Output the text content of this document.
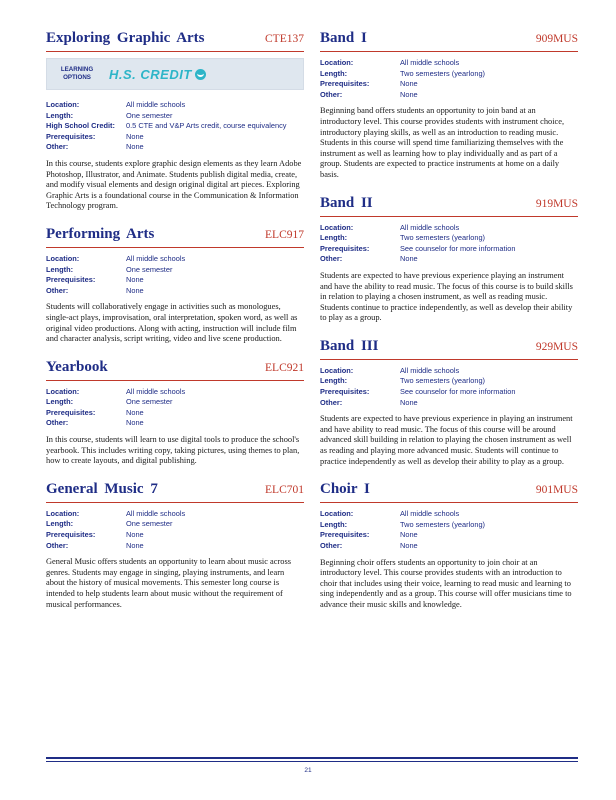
Exploring Graphic Arts	CTE137
LEARNING OPTIONS	H.S. CREDIT
Location:	All middle schools
Length:	One semester
High School Credit:	0.5 CTE and V&P Arts credit, course equivalency
Prerequisites:	None
Other:	None
In this course, students explore graphic design elements as they learn Adobe Photoshop, Illustrator, and Animate. Students publish digital media, create, and modify visual elements and design original digital art pieces. Exploring Graphic Arts is a foundational course in the Communication & Information Technology program.
Performing Arts	ELC917
Location:	All middle schools
Length:	One semester
Prerequisites:	None
Other:	None
Students will collaboratively engage in activities such as monologues, single-act plays, improvisation, oral interpretation, spoken word, as well as original video productions. Along with acting, instruction will include film and character analysis, script writing, video and live scene production.
Yearbook	ELC921
Location:	All middle schools
Length:	One semester
Prerequisites:	None
Other:	None
In this course, students will learn to use digital tools to produce the school's yearbook. This includes writing copy, taking pictures, using themes to plan, how to create layouts, and digital publishing.
General Music 7	ELC701
Location:	All middle schools
Length:	One semester
Prerequisites:	None
Other:	None
General Music offers students an opportunity to learn about music across genres. Students may engage in singing, playing instruments, and learn about the history of musical movements. This semester long course is intended to help students learn about music without the requirement of musical performances.
Band I	909MUS
Location:	All middle schools
Length:	Two semesters (yearlong)
Prerequisites:	None
Other:	None
Beginning band offers students an opportunity to join band at an introductory level. This course provides students with instrument choice, introductory playing skills, as well as an introduction to reading music. Students in this course will spend time familiarizing themselves with the instrument as well as learning how to play individually and as part of a group. Students are expected to practice instruments at home on a daily basis.
Band II	919MUS
Location:	All middle schools
Length:	Two semesters (yearlong)
Prerequisites:	See counselor for more information
Other:	None
Students are expected to have previous experience playing an instrument and have the ability to read music. The focus of this course is to build skills in relation to playing a chosen instrument, as well as reading music. Students continue to practice independently, as well as develop their ability to play as a group.
Band III	929MUS
Location:	All middle schools
Length:	Two semesters (yearlong)
Prerequisites:	See counselor for more information
Other:	None
Students are expected to have previous experience in playing an instrument and have ability to read music. The focus of this course will be around advanced skill building in relation to playing the chosen instrument as well as reading and playing more advanced music. Students will continue to practice independently as well as develop their ability to play as a group.
Choir I	901MUS
Location:	All middle schools
Length:	Two semesters (yearlong)
Prerequisites:	None
Other:	None
Beginning choir offers students an opportunity to join choir at an introductory level. This course provides students with an introduction to choir that includes using their voice, learning to read music and learning to sing independently and as a group. This course will offer musicians time to advance their music skills and knowledge.
21
